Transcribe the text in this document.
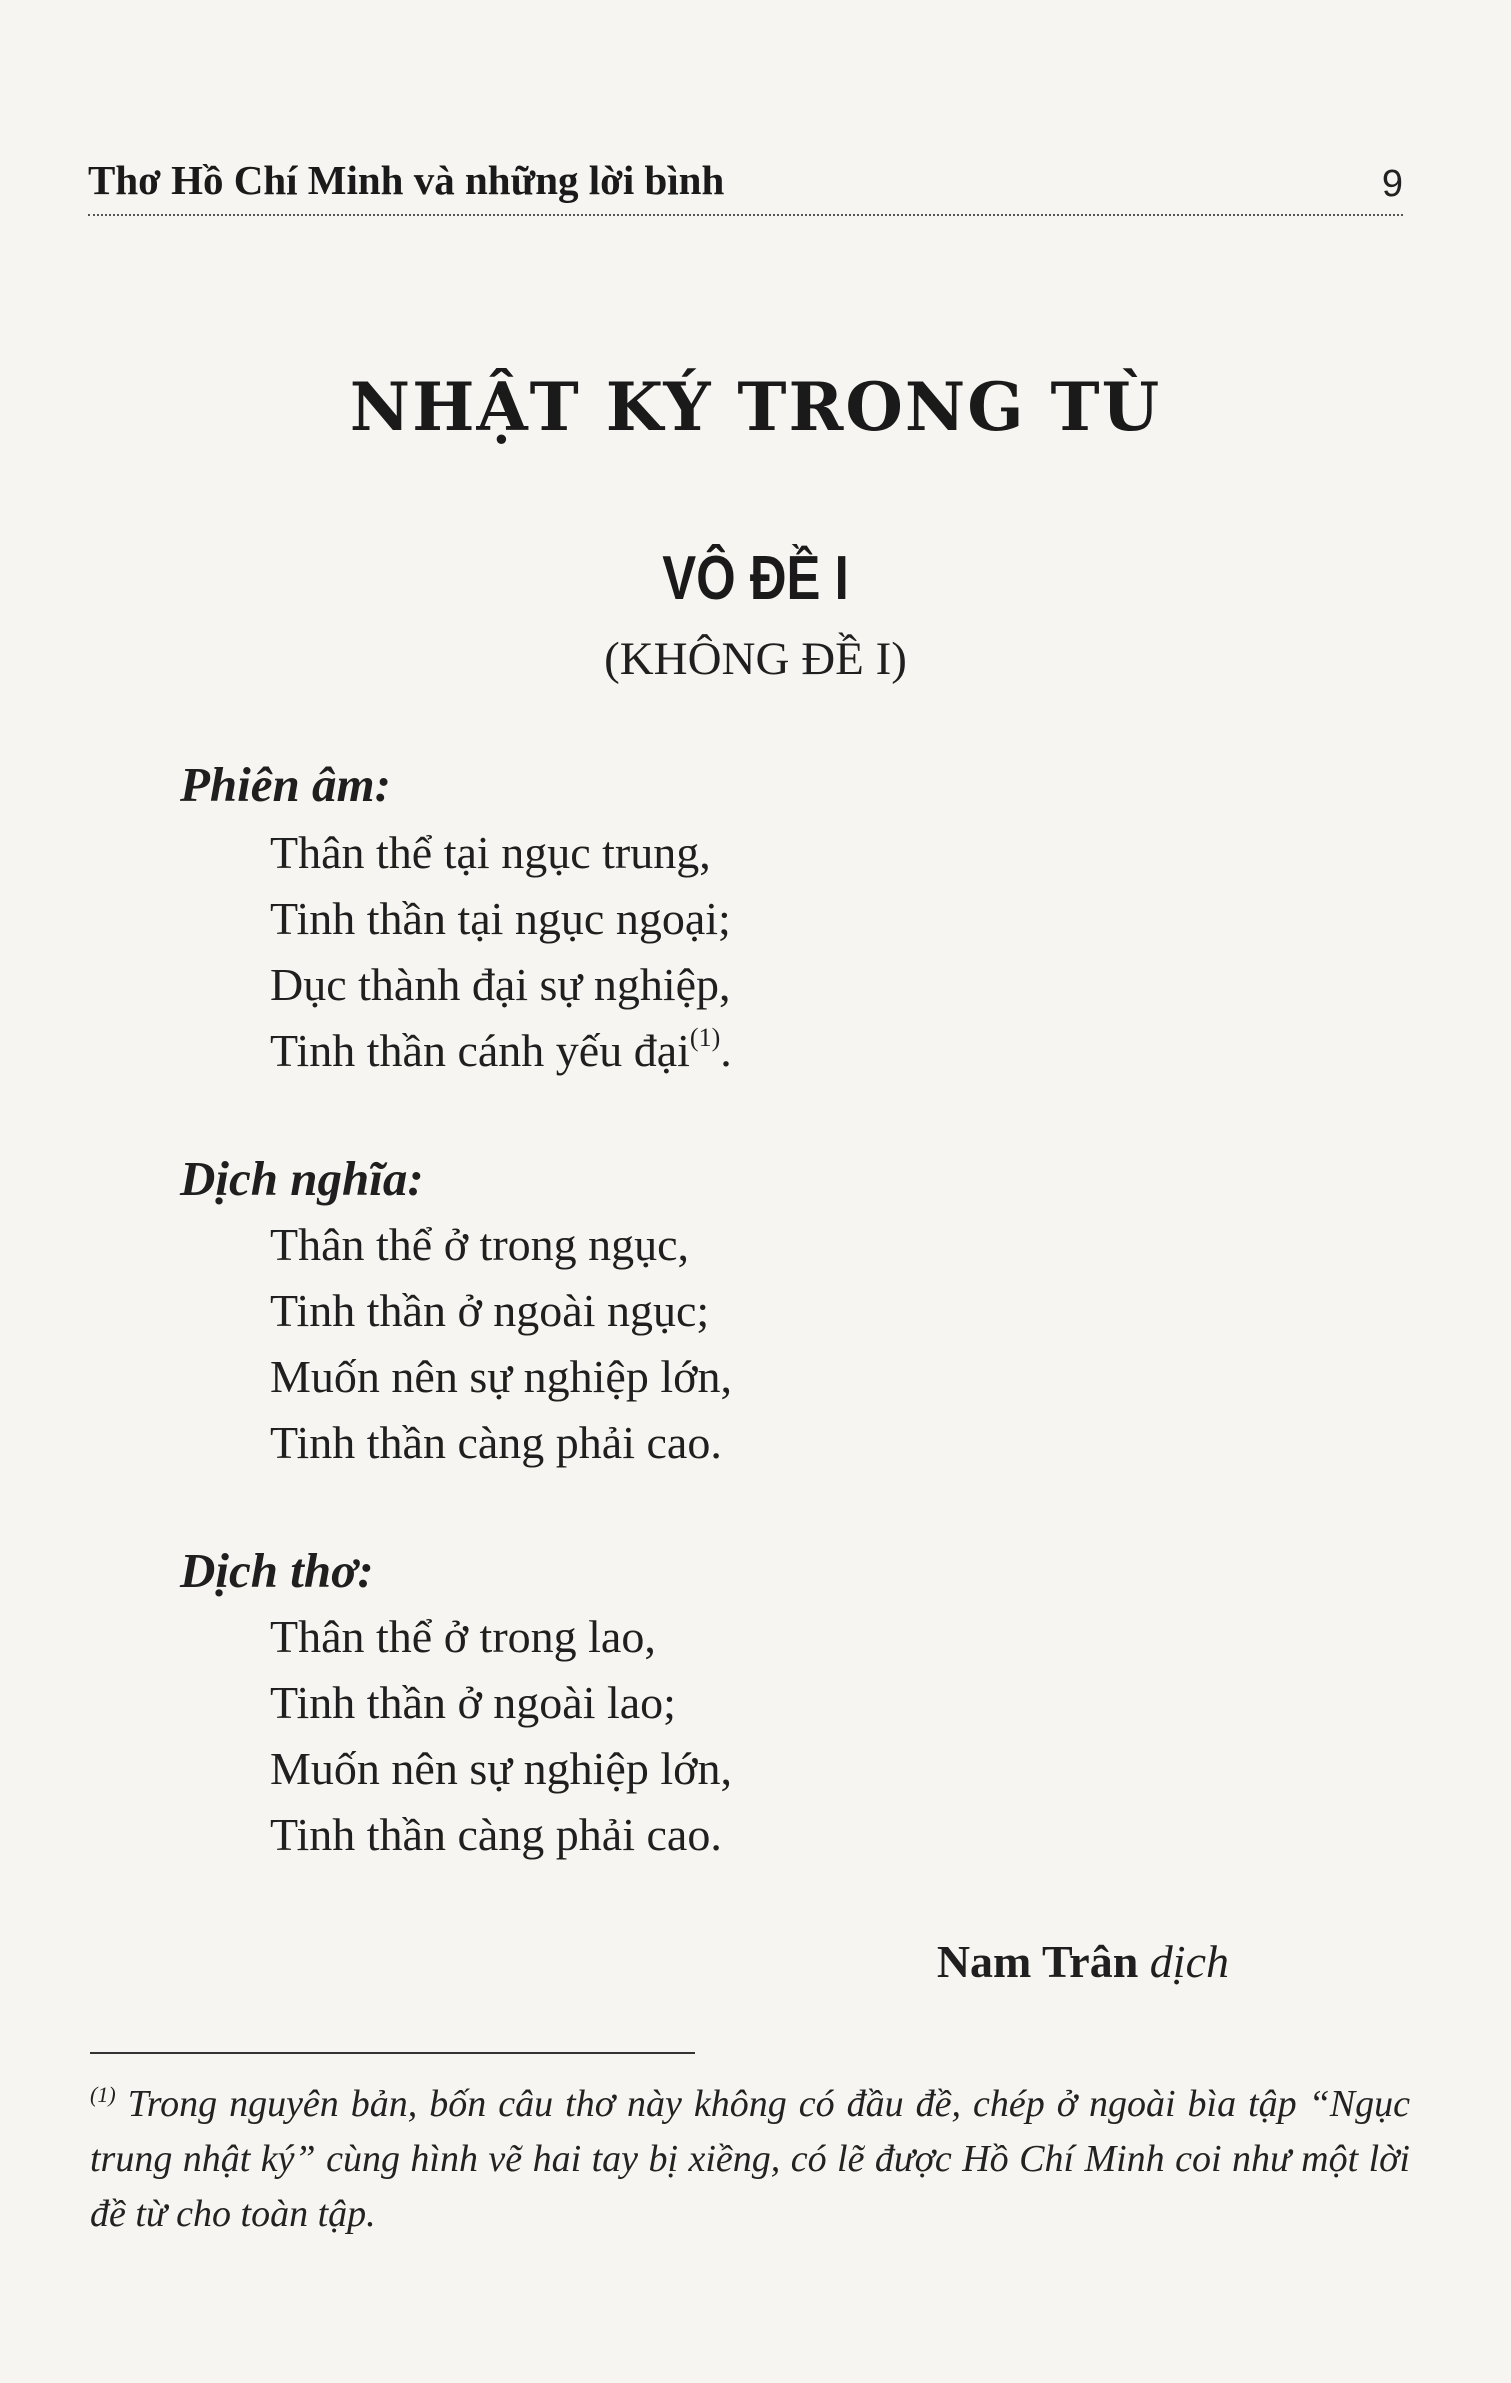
Thơ Hồ Chí Minh và những lời bình	9
NHẬT KÝ TRONG TÙ
VÔ ĐỀ I
(KHÔNG ĐỀ I)
Phiên âm:
Thân thể tại ngục trung,
Tinh thần tại ngục ngoại;
Dục thành đại sự nghiệp,
Tinh thần cánh yếu đại$^{(1)}$.
Dịch nghĩa:
Thân thể ở trong ngục,
Tinh thần ở ngoài ngục;
Muốn nên sự nghiệp lớn,
Tinh thần càng phải cao.
Dịch thơ:
Thân thể ở trong lao,
Tinh thần ở ngoài lao;
Muốn nên sự nghiệp lớn,
Tinh thần càng phải cao.
Nam Trân dịch
$^{(1)}$ Trong nguyên bản, bốn câu thơ này không có đầu đề, chép ở ngoài bìa tập “Ngục trung nhật ký” cùng hình vẽ hai tay bị xiềng, có lẽ được Hồ Chí Minh coi như một lời đề từ cho toàn tập.
